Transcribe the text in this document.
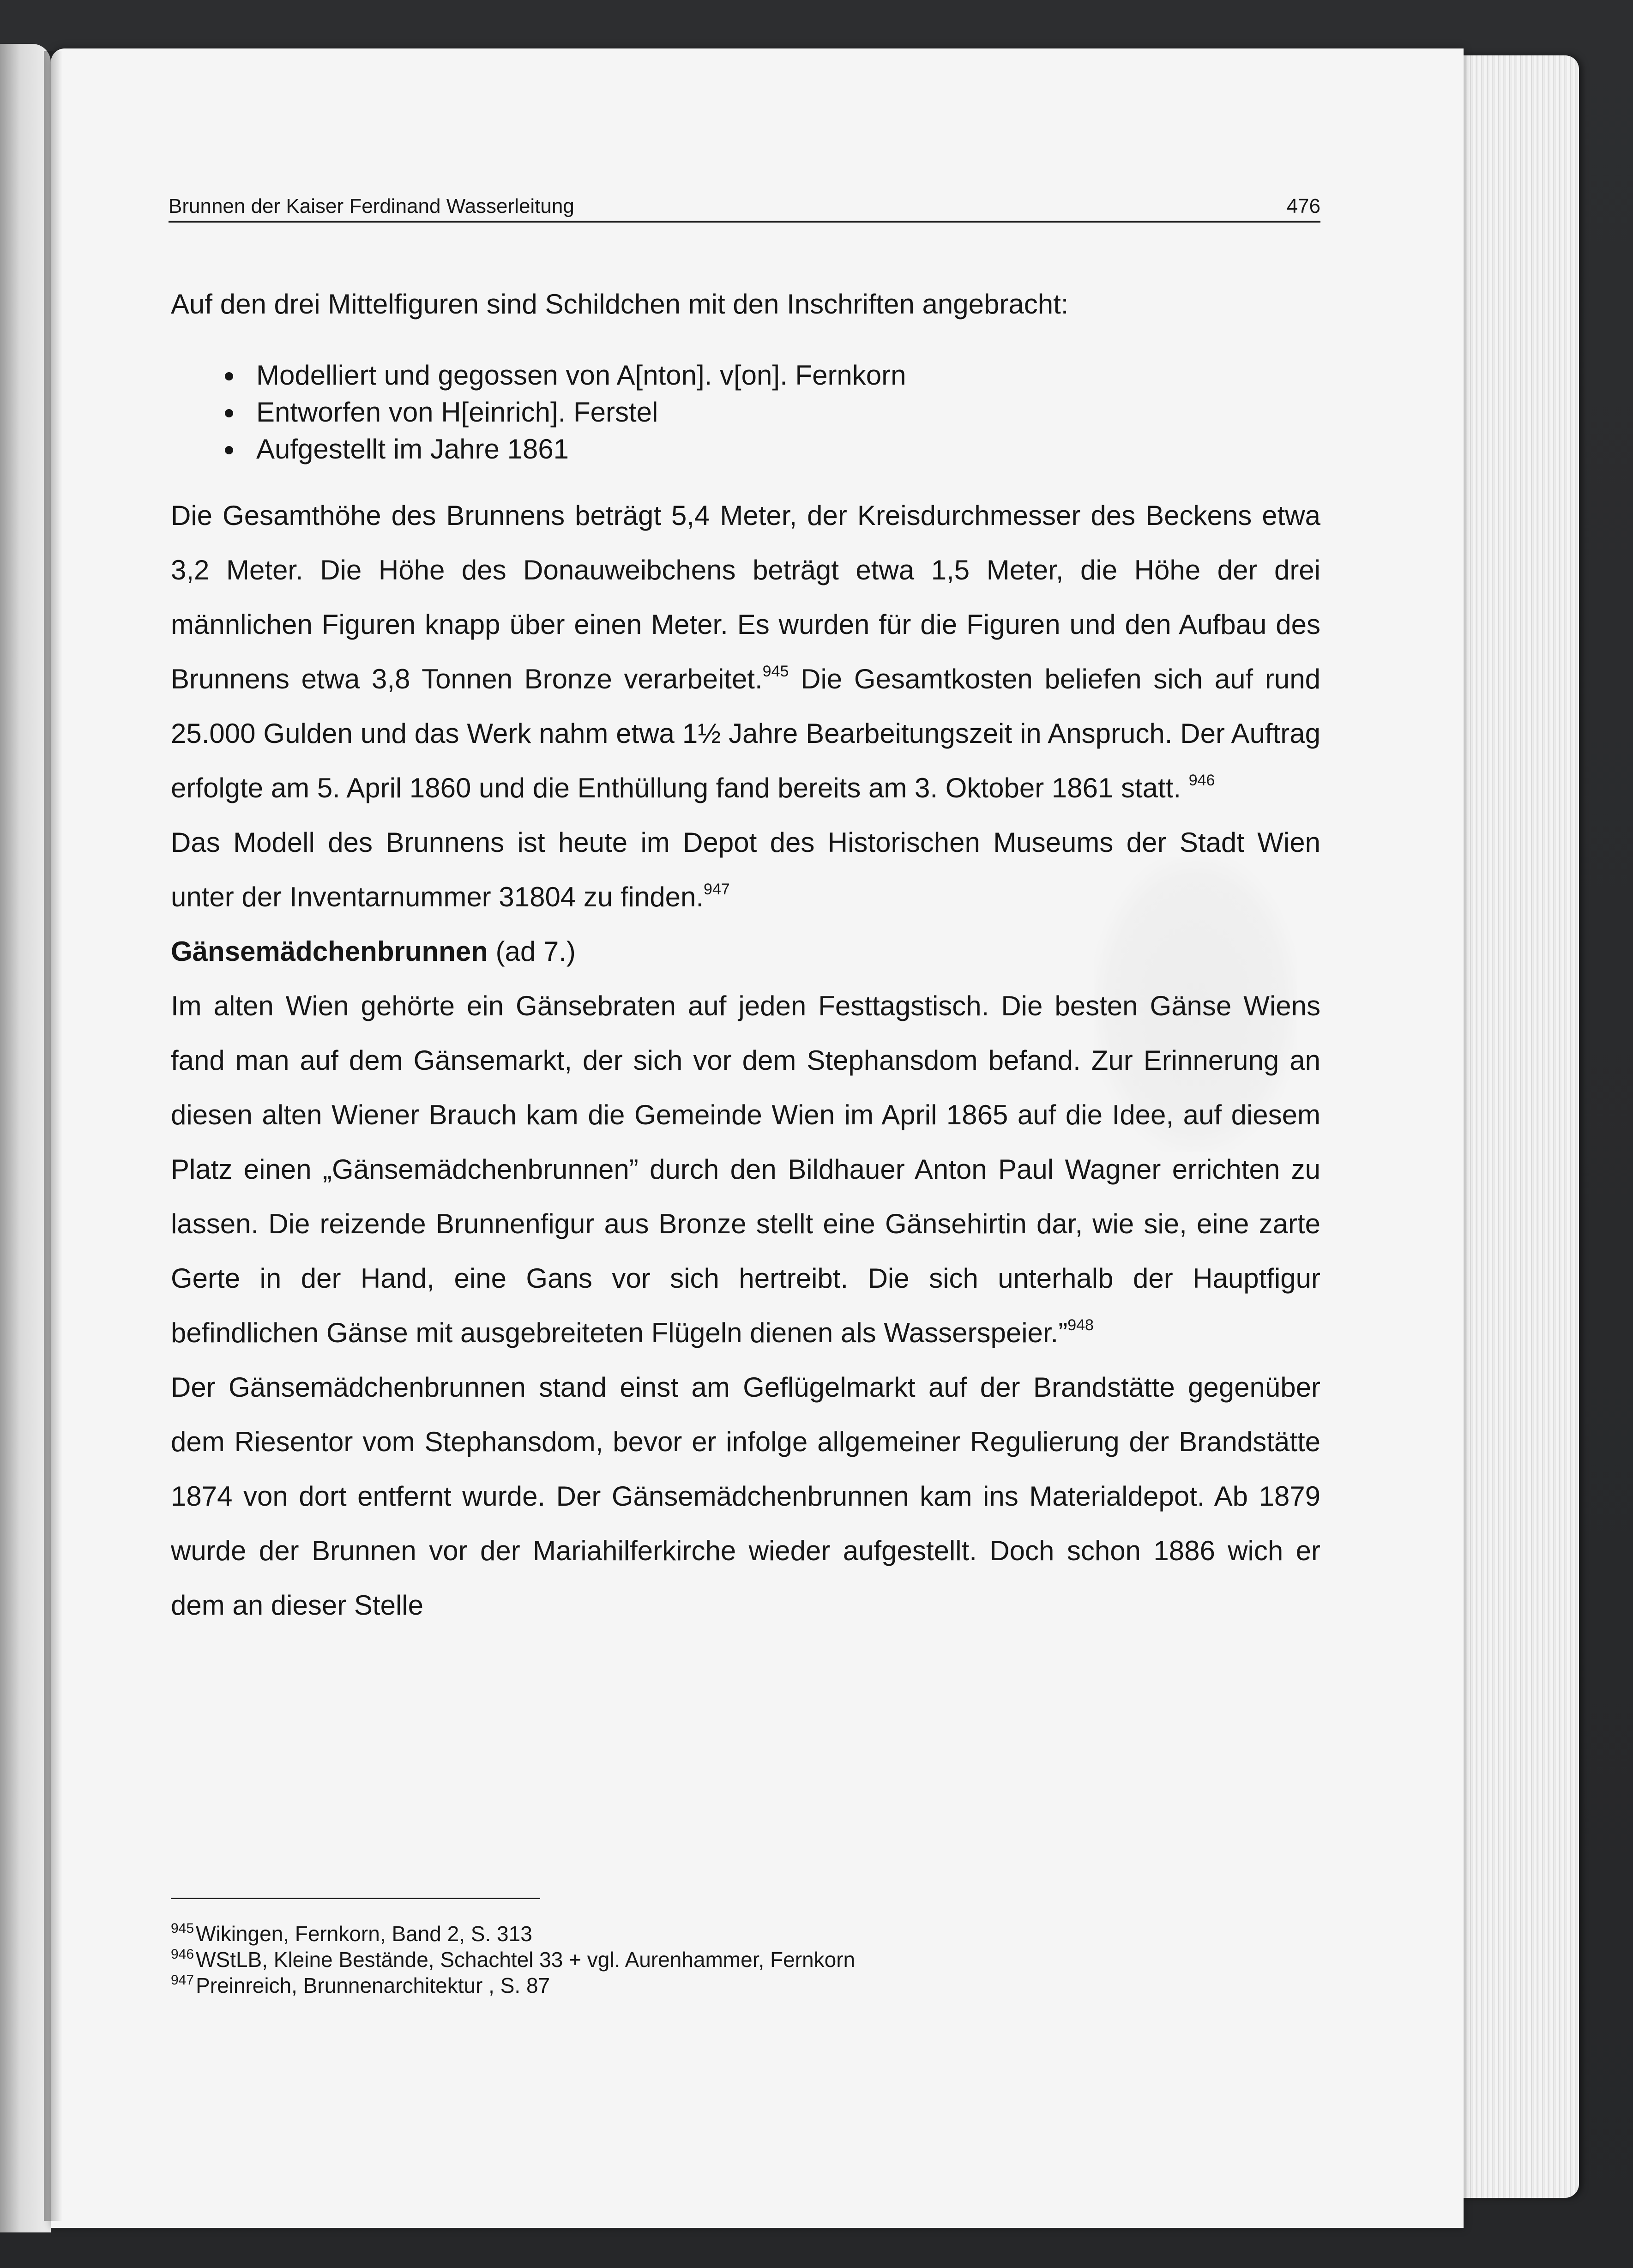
Brunnen der Kaiser Ferdinand Wasserleitung	476

Auf den drei Mittelfiguren sind Schildchen mit den Inschriften angebracht:

Modelliert und gegossen von A[nton]. v[on]. Fernkorn
Entworfen von H[einrich]. Ferstel
Aufgestellt im Jahre 1861

Die Gesamthöhe des Brunnens beträgt 5,4 Meter, der Kreisdurchmesser des Beckens etwa 3,2 Meter. Die Höhe des Donauweibchens beträgt etwa 1,5 Meter, die Höhe der drei männlichen Figuren knapp über einen Meter. Es wurden für die Figuren und den Aufbau des Brunnens etwa 3,8 Tonnen Bronze verarbeitet.$^{945}$ Die Gesamtkosten beliefen sich auf rund 25.000 Gulden und das Werk nahm etwa 1½ Jahre Bearbeitungszeit in Anspruch. Der Auftrag erfolgte am 5. April 1860 und die Enthüllung fand bereits am 3. Oktober 1861 statt. $^{946}$

Das Modell des Brunnens ist heute im Depot des Historischen Museums der Stadt Wien unter der Inventarnummer 31804 zu finden.$^{947}$

Gänsemädchenbrunnen (ad 7.)

Im alten Wien gehörte ein Gänsebraten auf jeden Festtagstisch. Die besten Gänse Wiens fand man auf dem Gänsemarkt, der sich vor dem Stephansdom befand. Zur Erinnerung an diesen alten Wiener Brauch kam die Gemeinde Wien im April 1865 auf die Idee, auf diesem Platz einen „Gänsemädchenbrunnen” durch den Bildhauer Anton Paul Wagner errichten zu lassen. Die reizende Brunnenfigur aus Bronze stellt eine Gänsehirtin dar, wie sie, eine zarte Gerte in der Hand, eine Gans vor sich hertreibt. Die sich unterhalb der Hauptfigur befindlichen Gänse mit ausgebreiteten Flügeln dienen als Wasserspeier.”$^{948}$

Der Gänsemädchenbrunnen stand einst am Geflügelmarkt auf der Brandstätte gegenüber dem Riesentor vom Stephansdom, bevor er infolge allgemeiner Regulierung der Brandstätte 1874 von dort entfernt wurde. Der Gänsemädchenbrunnen kam ins Materialdepot. Ab 1879 wurde der Brunnen vor der Mariahilferkirche wieder aufgestellt. Doch schon 1886 wich er dem an dieser Stelle

$^{945}$Wikingen, Fernkorn, Band 2, S. 313
$^{946}$WStLB, Kleine Bestände, Schachtel 33 + vgl. Aurenhammer, Fernkorn
$^{947}$Preinreich, Brunnenarchitektur , S. 87
